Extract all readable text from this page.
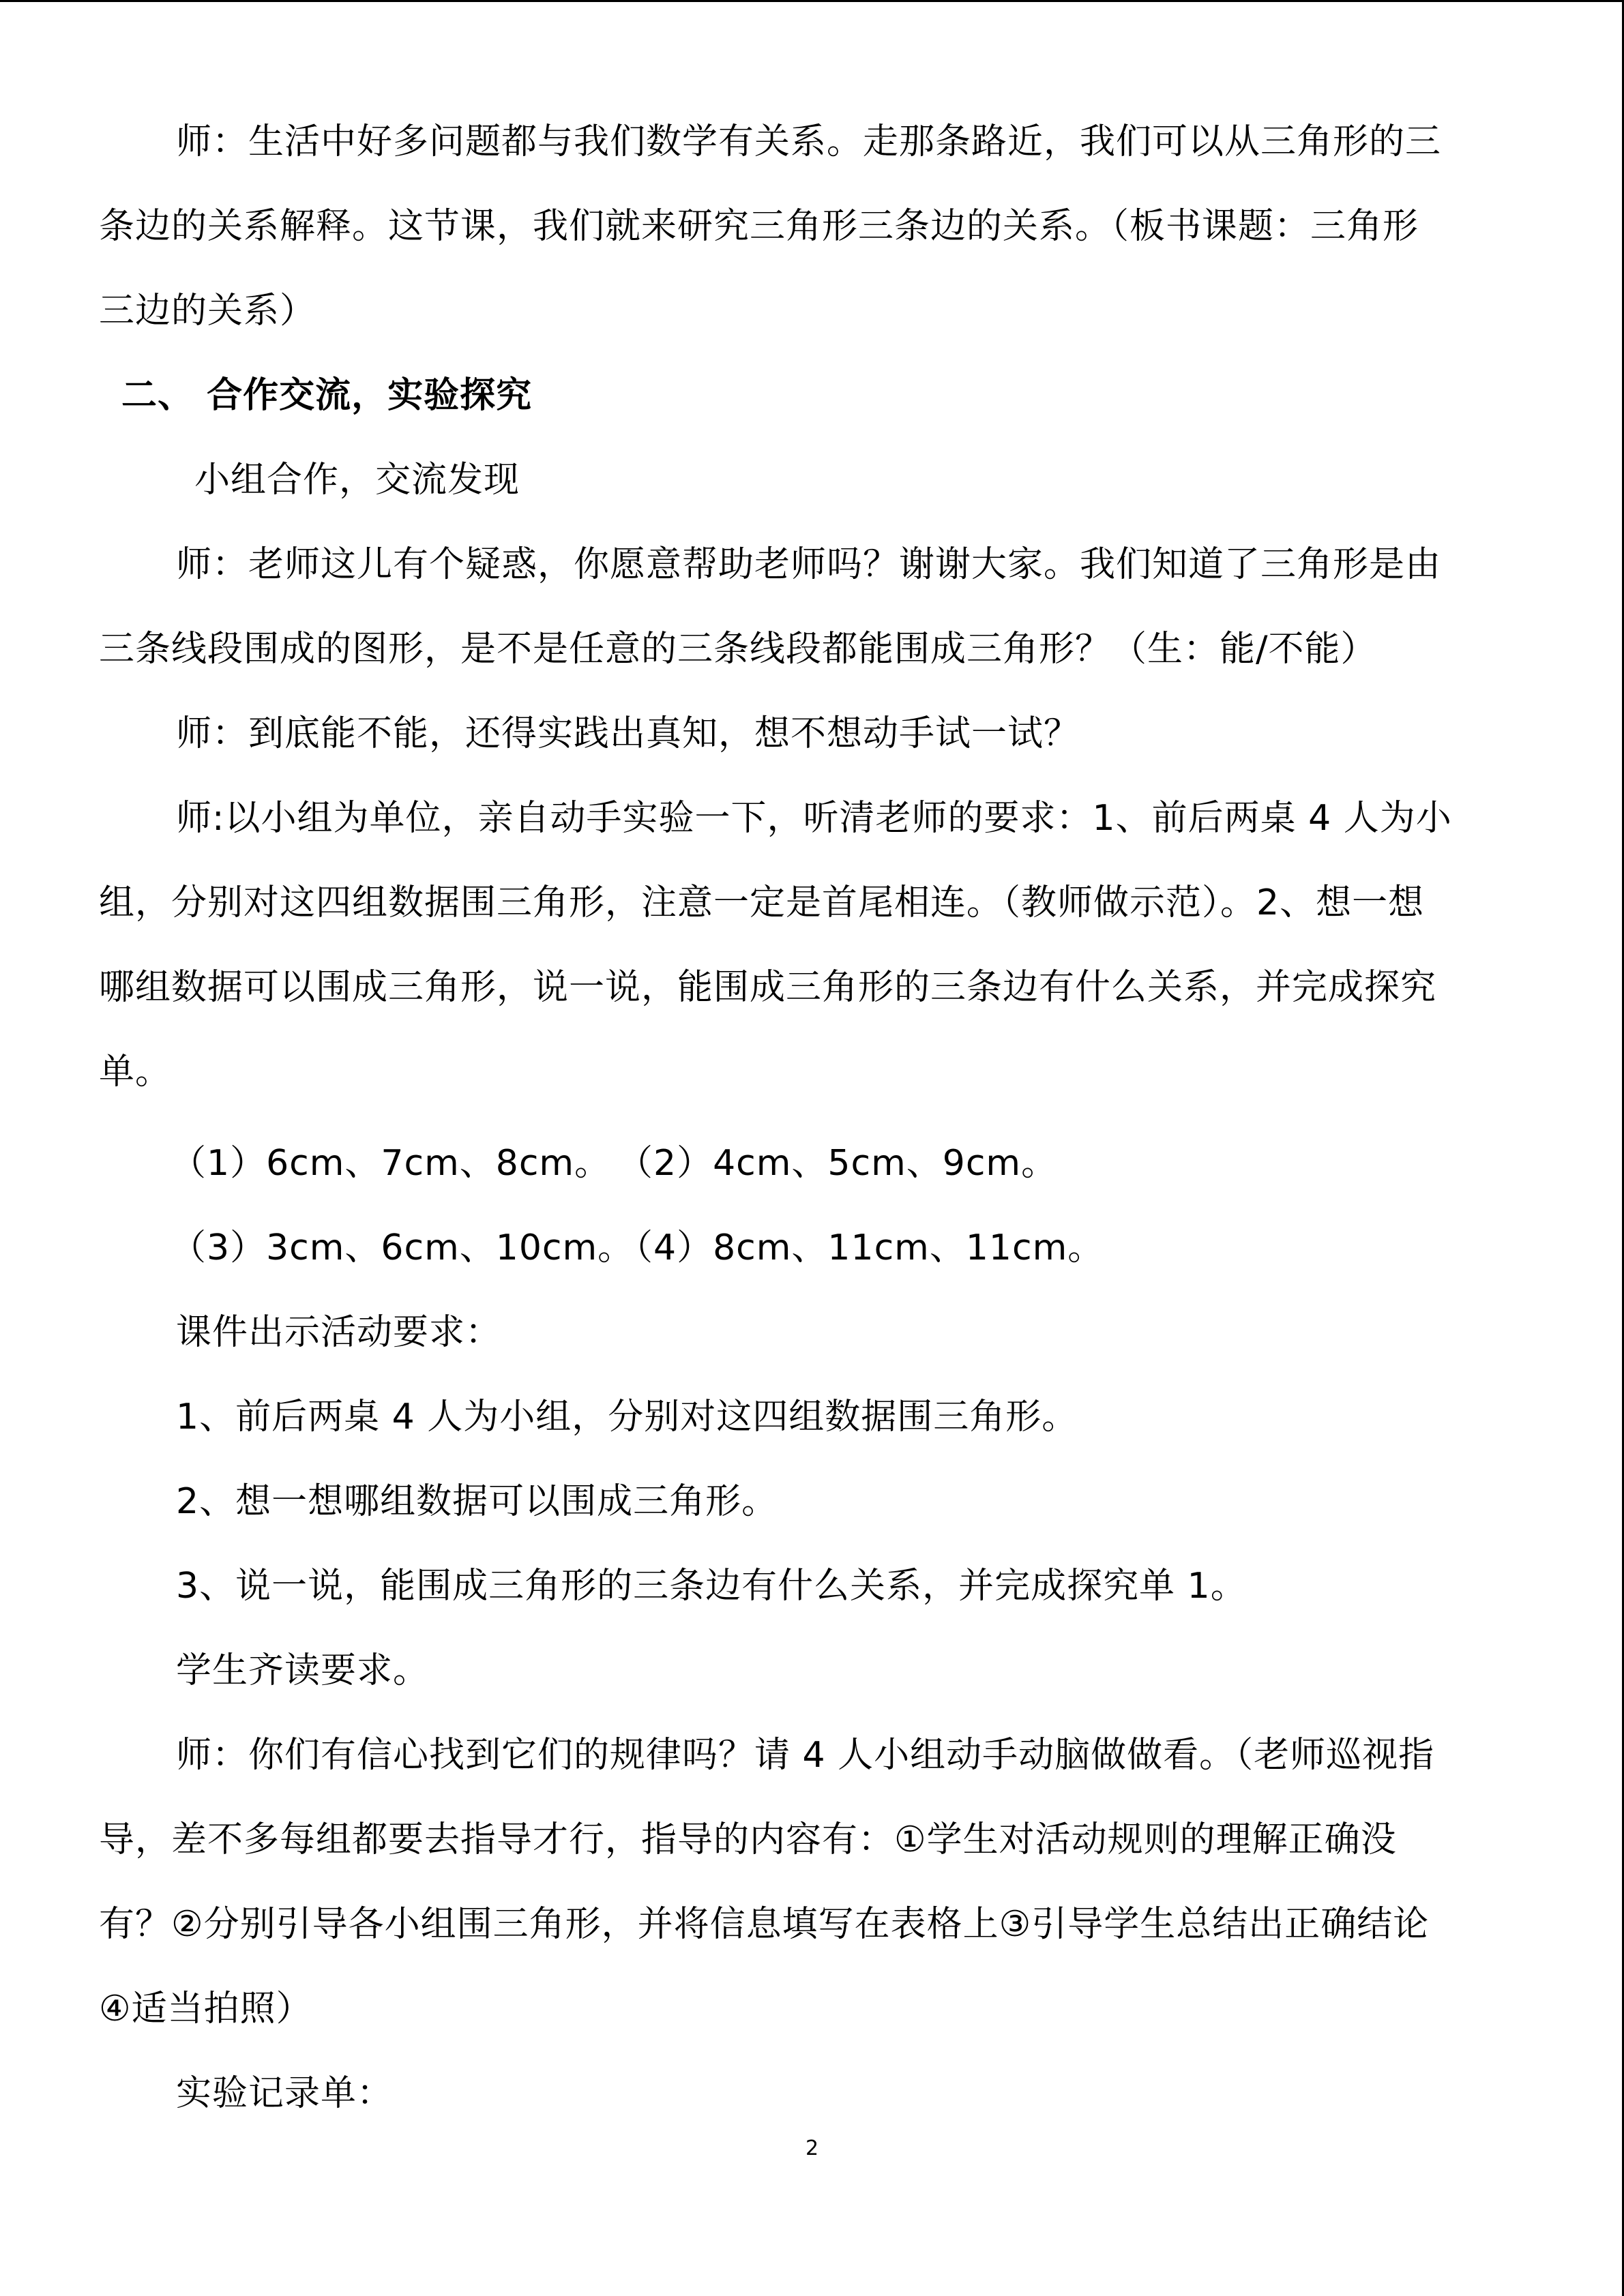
师：生活中好多问题都与我们数学有关系。走那条路近，我们可以从三角形的三
条边的关系解释。这节课，我们就来研究三角形三条边的关系。（板书课题：三角形
三边的关系）
二、 合作交流，实验探究
小组合作，交流发现
师：老师这儿有个疑惑，你愿意帮助老师吗？谢谢大家。我们知道了三角形是由
三条线段围成的图形，是不是任意的三条线段都能围成三角形？（生：能/不能）
师：到底能不能，还得实践出真知，想不想动手试一试？
师:以小组为单位，亲自动手实验一下，听清老师的要求：1、前后两桌 4 人为小
组，分别对这四组数据围三角形，注意一定是首尾相连。（教师做示范）。2、想一想
哪组数据可以围成三角形，说一说，能围成三角形的三条边有什么关系，并完成探究
单。
（1）6cm、7cm、8cm。 （2）4cm、5cm、9cm。
（3）3cm、6cm、10cm。
（4）8cm、11cm、11cm。
课件出示活动要求：
1、前后两桌 4 人为小组，分别对这四组数据围三角形。
2、想一想哪组数据可以围成三角形。
3、说一说，能围成三角形的三条边有什么关系，并完成探究单 1。
学生齐读要求。
师：你们有信心找到它们的规律吗？请 4 人小组动手动脑做做看。（老师巡视指
导，差不多每组都要去指导才行，指导的内容有：①学生对活动规则的理解正确没
有？②分别引导各小组围三角形，并将信息填写在表格上③引导学生总结出正确结论
④适当拍照）
实验记录单：
2
